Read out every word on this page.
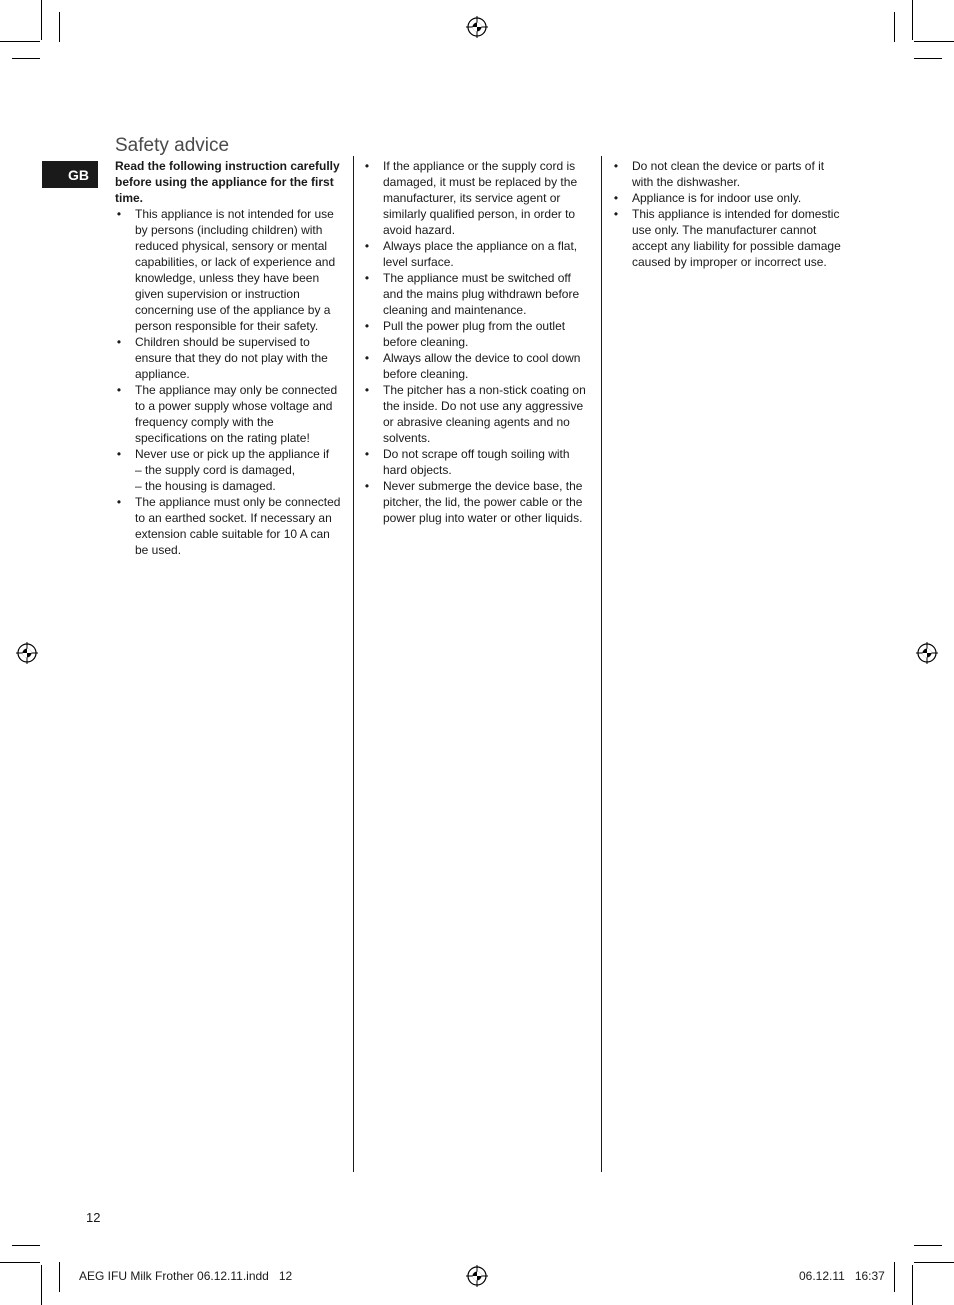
Safety advice
GB

Read the following instruction carefully before using the appliance for the first time.

• This appliance is not intended for use by persons (including children) with reduced physical, sensory or mental capabilities, or lack of experience and knowledge, unless they have been given supervision or instruction concerning use of the appliance by a person responsible for their safety.
• Children should be supervised to ensure that they do not play with the appliance.
• The appliance may only be connected to a power supply whose voltage and frequency comply with the specifications on the rating plate!
• Never use or pick up the appliance if
– the supply cord is damaged,
– the housing is damaged.
• The appliance must only be connected to an earthed socket. If necessary an extension cable suitable for 10 A can be used.
• If the appliance or the supply cord is damaged, it must be replaced by the manufacturer, its service agent or similarly qualified person, in order to avoid hazard.
• Always place the appliance on a flat, level surface.
• The appliance must be switched off and the mains plug withdrawn before cleaning and maintenance.
• Pull the power plug from the outlet before cleaning.
• Always allow the device to cool down before cleaning.
• The pitcher has a non-stick coating on the inside. Do not use any aggressive or abrasive cleaning agents and no solvents.
• Do not scrape off tough soiling with hard objects.
• Never submerge the device base, the pitcher, the lid, the power cable or the power plug into water or other liquids.
• Do not clean the device or parts of it with the dishwasher.
• Appliance is for indoor use only.
• This appliance is intended for domestic use only. The manufacturer cannot accept any liability for possible damage caused by improper or incorrect use.
12
AEG IFU Milk Frother 06.12.11.indd   12	06.12.11   16:37
